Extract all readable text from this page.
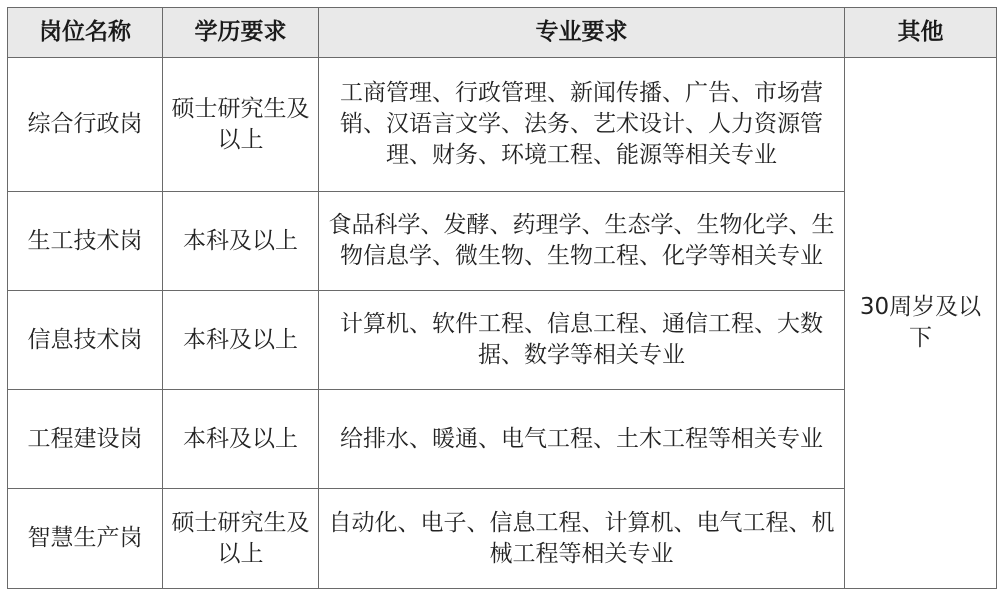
岗位名称	学历要求	专业要求	其他
综合行政岗	硕士研究生及以上	工商管理、行政管理、新闻传播、广告、市场营销、汉语言文学、法务、艺术设计、人力资源管理、财务、环境工程、能源等相关专业	30周岁及以下
生工技术岗	本科及以上	食品科学、发酵、药理学、生态学、生物化学、生物信息学、微生物、生物工程、化学等相关专业	
信息技术岗	本科及以上	计算机、软件工程、信息工程、通信工程、大数据、数学等相关专业	
工程建设岗	本科及以上	给排水、暖通、电气工程、土木工程等相关专业	
智慧生产岗	硕士研究生及以上	自动化、电子、信息工程、计算机、电气工程、机械工程等相关专业	
